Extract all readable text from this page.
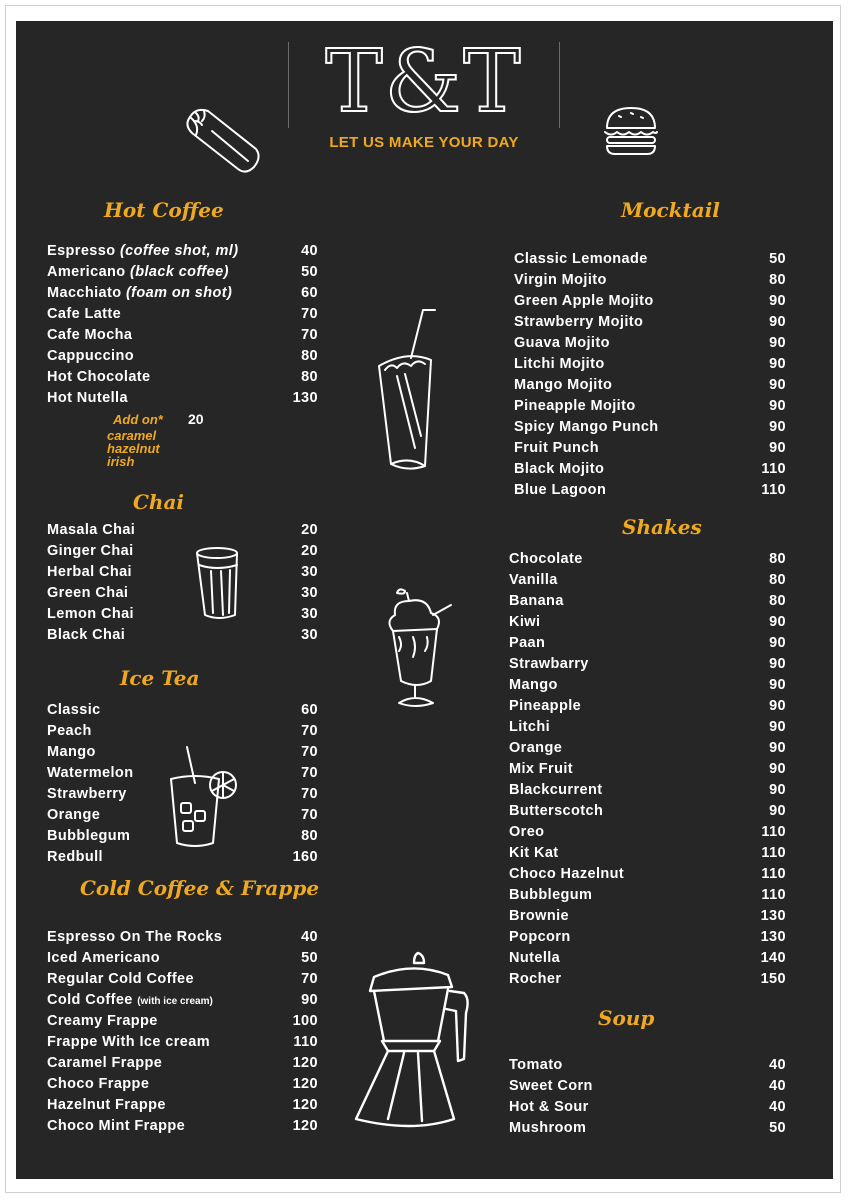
T&T
LET US MAKE YOUR DAY
Hot Coffee
Chai
Ice Tea
Cold Coffee & Frappe
Mocktail
Shakes
Soup
Espresso (coffee shot, ml)	40
Americano (black coffee)	50
Macchiato (foam on shot)	60
Cafe Latte	70
Cafe Mocha	70
Cappuccino	80
Hot Chocolate	80
Hot Nutella	130
Add on* 20
caramel
hazelnut
irish
Masala Chai	20
Ginger Chai	20
Herbal Chai	30
Green Chai	30
Lemon Chai	30
Black Chai	30
Classic	60
Peach	70
Mango	70
Watermelon	70
Strawberry	70
Orange	70
Bubblegum	80
Redbull	160
Espresso On The Rocks	40
Iced Americano	50
Regular Cold Coffee	70
Cold Coffee (with ice cream)	90
Creamy Frappe	100
Frappe With Ice cream	110
Caramel Frappe	120
Choco Frappe	120
Hazelnut Frappe	120
Choco Mint Frappe	120
Classic Lemonade	50
Virgin Mojito	80
Green Apple Mojito	90
Strawberry Mojito	90
Guava Mojito	90
Litchi Mojito	90
Mango Mojito	90
Pineapple Mojito	90
Spicy Mango Punch	90
Fruit Punch	90
Black Mojito	110
Blue Lagoon	110
Chocolate	80
Vanilla	80
Banana	80
Kiwi	90
Paan	90
Strawbarry	90
Mango	90
Pineapple	90
Litchi	90
Orange	90
Mix Fruit	90
Blackcurrent	90
Butterscotch	90
Oreo	110
Kit Kat	110
Choco Hazelnut	110
Bubblegum	110
Brownie	130
Popcorn	130
Nutella	140
Rocher	150
Tomato	40
Sweet Corn	40
Hot & Sour	40
Mushroom	50
